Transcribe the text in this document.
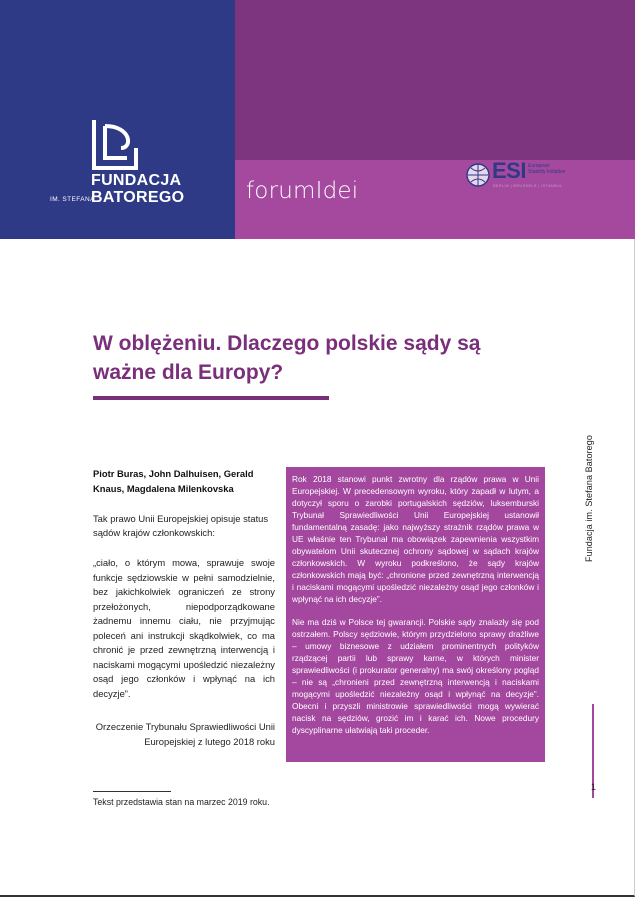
FUNDACJA
BATOREGO
IM. STEFANA	forumIdei
ESI European Stability Initiative
BERLIN | BRUSSELS | ISTANBUL
W oblężeniu. Dlaczego polskie sądy są ważne dla Europy?
Piotr Buras, John Dalhuisen, Gerald Knaus, Magdalena Milenkovska

Tak prawo Unii Europejskiej opisuje status sądów krajów członkowskich:

„ciało, o którym mowa, sprawuje swoje funkcje sędziowskie w pełni samodzielnie, bez jakichkolwiek ograniczeń ze strony przełożonych, niepodporządkowane żadnemu innemu ciału, nie przyjmując poleceń ani instrukcji skądkolwiek, co ma chronić je przed zewnętrzną interwencją i naciskami mogącymi upośledzić niezależny osąd jego członków i wpłynąć na ich decyzje”.

Orzeczenie Trybunału Sprawiedliwości Unii Europejskiej z lutego 2018 roku

Rok 2018 stanowi punkt zwrotny dla rządów prawa w Unii Europejskiej. W precedensowym wyroku, który zapadł w lutym, a dotyczył sporu o zarobki portugalskich sędziów, luksemburski Trybunał Sprawiedliwości Unii Europejskiej ustanowił fundamentalną zasadę: jako najwyższy strażnik rządów prawa w UE właśnie ten Trybunał ma obowiązek zapewnienia wszystkim obywatelom Unii skutecznej ochrony sądowej w sądach krajów członkowskich. W wyroku podkreślono, że sądy krajów członkowskich mają być: „chronione przed zewnętrzną interwencją i naciskami mogącymi upośledzić niezależny osąd jego członków i wpłynąć na ich decyzje”.

Nie ma dziś w Polsce tej gwarancji. Polskie sądy znalazły się pod ostrzałem. Polscy sędziowie, którym przydzielono sprawy drażliwe – umowy biznesowe z udziałem prominentnych polityków rządzącej partii lub sprawy karne, w których minister sprawiedliwości (i prokurator generalny) ma swój określony pogląd – nie są „chronieni przed zewnętrzną interwencją i naciskami mogącymi upośledzić niezależny osąd i wpłynąć na decyzje”. Obecni i przyszli ministrowie sprawiedliwości mogą wywierać nacisk na sędziów, grozić im i karać ich. Nowe procedury dyscyplinarne ułatwiają taki proceder.

Fundacja im. Stefana Batorego
1
Tekst przedstawia stan na marzec 2019 roku.
